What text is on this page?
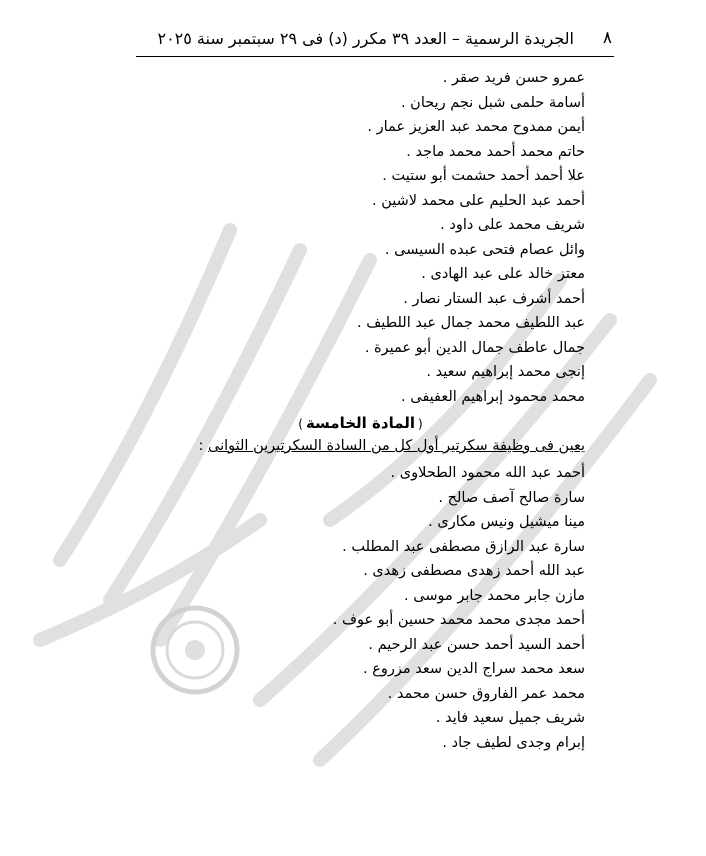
٨
الجريدة الرسمية – العدد ٣٩ مكرر (د) فى ٢٩ سبتمبر سنة ٢٠٢٥
عمرو حسن فريد صقر .
أسامة حلمى شبل نجم ريحان .
أيمن ممدوح محمد عبد العزيز عمار .
حاتم محمد أحمد محمد ماجد .
علا أحمد أحمد حشمت أبو ستيت .
أحمد عبد الحليم على محمد لاشين .
شريف محمد على داود .
وائل عصام فتحى عبده السيسى .
معتز خالد على عبد الهادى .
أحمد أشرف عبد الستار نصار .
عبد اللطيف محمد جمال عبد اللطيف .
جمال عاطف جمال الدين أبو عميرة .
إنجى محمد إبراهيم سعيد .
محمد محمود إبراهيم العفيفى .
(المادة الخامسة)
يعين فى وظيفة سكرتير أول كل من السادة السكرتيرين الثوانى :
أحمد عبد الله محمود الطحلاوى .
سارة صالح آصف صالح .
مينا ميشيل ونيس مكارى .
سارة عبد الرازق مصطفى عبد المطلب .
عبد الله أحمد زهدى مصطفى زهدى .
مازن جابر محمد جابر موسى .
أحمد مجدى محمد محمد حسين أبو عوف .
أحمد السيد أحمد حسن عبد الرحيم .
سعد محمد سراج الدين سعد مزروع .
محمد عمر الفاروق حسن محمد .
شريف جميل سعيد فايد .
إبرام وجدى لطيف جاد .
